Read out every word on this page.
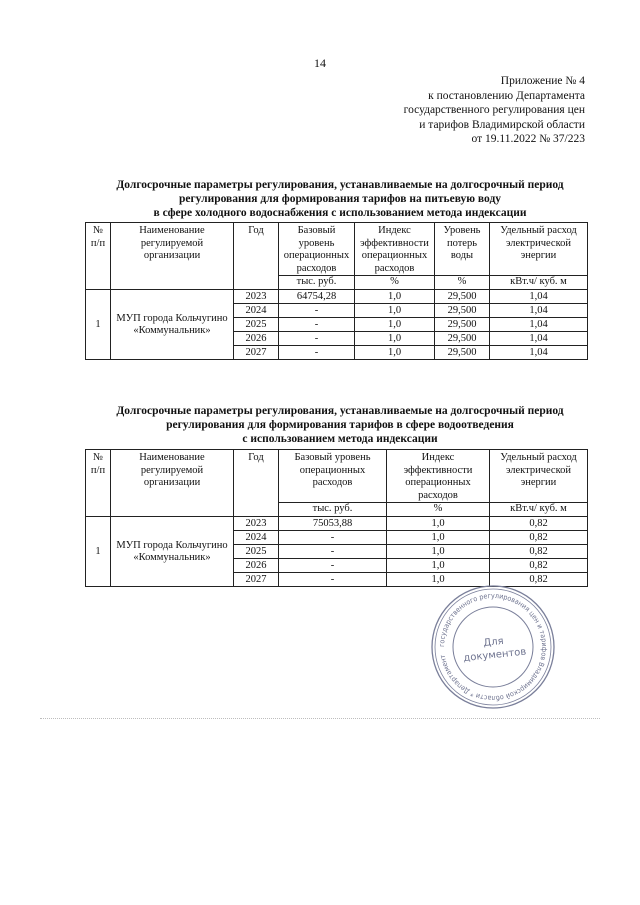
14
Приложение № 4
к постановлению Департамента
государственного регулирования цен
и тарифов Владимирской области
от 19.11.2022 № 37/223
Долгосрочные параметры регулирования, устанавливаемые на долгосрочный период
регулирования для формирования тарифов на питьевую воду
в сфере холодного водоснабжения с использованием метода индексации
№ п/п	Наименование регулируемой организации	Год	Базовый уровень операционных расходов	Индекс эффективности операционных расходов	Уровень потерь воды	Удельный расход электрической энергии
			тыс. руб.	%	%	кВт.ч/ куб. м
1	МУП города Кольчугино «Коммунальник»	2023	64754,28	1,0	29,500	1,04
		2024	-	1,0	29,500	1,04
		2025	-	1,0	29,500	1,04
		2026	-	1,0	29,500	1,04
		2027	-	1,0	29,500	1,04
Долгосрочные параметры регулирования, устанавливаемые на долгосрочный период
регулирования для формирования тарифов в сфере водоотведения
с использованием метода индексации
№ п/п	Наименование регулируемой организации	Год	Базовый уровень операционных расходов	Индекс эффективности операционных расходов	Удельный расход электрической энергии
			тыс. руб.	%	кВт.ч/ куб. м
1	МУП города Кольчугино «Коммунальник»	2023	75053,88	1,0	0,82
		2024	-	1,0	0,82
		2025	-	1,0	0,82
		2026	-	1,0	0,82
		2027	-	1,0	0,82
государственного регулирования цен и тарифов Владимирской области * Департамент
Для
документов
